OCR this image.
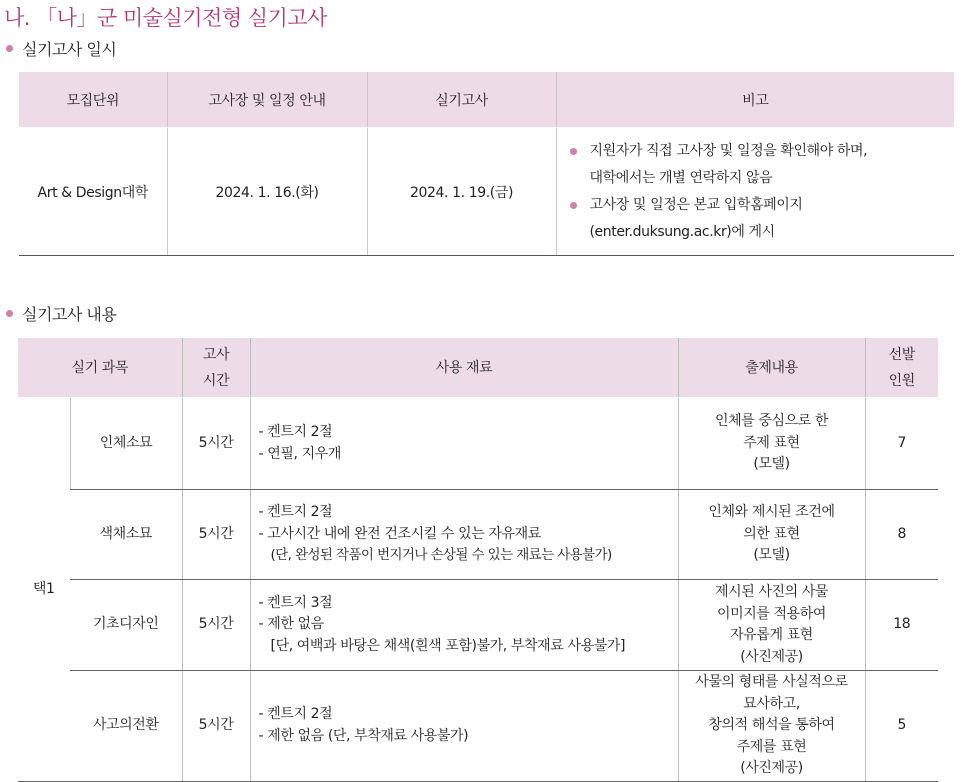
나. 「나」군 미술실기전형 실기고사
실기고사 일시
모집단위	고사장 및 일정 안내	실기고사	비고
Art & Design대학	2024. 1. 16.(화)	2024. 1. 19.(금)	지원자가 직접 고사장 및 일정을 확인해야 하며,
대학에서는 개별 연락하지 않음
고사장 및 일정은 본교 입학홈페이지
(enter.duksung.ac.kr)에 게시
실기고사 내용
실기 과목		고사
시간	사용 재료	출제내용	선발
인원

택1	인체소묘	5시간	- 켄트지 2절
- 연필, 지우개	인체를 중심으로 한
주제 표현
(모델)	7
	색채소묘	5시간	- 켄트지 2절
- 고사시간 내에 완전 건조시킬 수 있는 자유재료
(단, 완성된 작품이 번지거나 손상될 수 있는 재료는 사용불가)	인체와 제시된 조건에
의한 표현
(모델)	8
	기초디자인	5시간	- 켄트지 3절
- 제한 없음
[단, 여백과 바탕은 채색(흰색 포함)불가, 부착재료 사용불가]	제시된 사진의 사물
이미지를 적용하여
자유롭게 표현
(사진제공)	18
	사고의전환	5시간	- 켄트지 2절
- 제한 없음 (단, 부착재료 사용불가)	사물의 형태를 사실적으로
묘사하고,
창의적 해석을 통하여
주제를 표현
(사진제공)	5
